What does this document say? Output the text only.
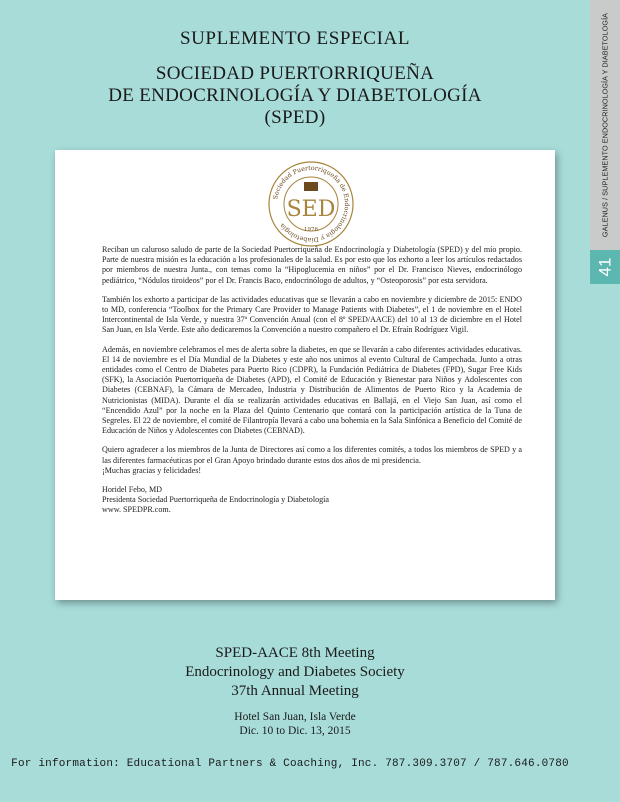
SUPLEMENTO ESPECIAL
SOCIEDAD PUERTORRIQUEÑA
DE ENDOCRINOLOGÍA Y DIABETOLOGÍA
(SPED)	GALENUS / SUPLEMENTO ENDOCRINOLOGÍA Y DIABETOLOGÍA
41
Sociedad Puertorriqueña de Endocrinología y Diabetología
SED
1976

Reciban un caluroso saludo de parte de la Sociedad Puertorriqueña de Endocrinología y Diabetología (SPED) y del mío propio. Parte de nuestra misión es la educación a los profesionales de la salud. Es por esto que los exhorto a leer los artículos redactados por miembros de nuestra Junta., con temas como la “Hipoglucemia en niños” por el Dr. Francisco Nieves, endocrinólogo pediátrico, “Nódulos tiroideos” por el Dr. Francis Baco, endocrinólogo de adultos, y “Osteoporosis” por esta servidora.

También los exhorto a participar de las actividades educativas que se llevarán a cabo en noviembre y diciembre de 2015: ENDO to MD, conferencia “Toolbox for the Primary Care Provider to Manage Patients with Diabetes”, el 1 de noviembre en el Hotel Intercontinental de Isla Verde, y nuestra 37ª Convención Anual (con el 8º SPED/AACE) del 10 al 13 de diciembre en el Hotel San Juan, en Isla Verde. Este año dedicaremos la Convención a nuestro compañero el Dr. Efraín Rodríguez Vigil.

Además, en noviembre celebramos el mes de alerta sobre la diabetes, en que se llevarán a cabo diferentes actividades educativas. El 14 de noviembre es el Día Mundial de la Diabetes y este año nos unimos al evento Cultural de Campechada. Junto a otras entidades como el Centro de Diabetes para Puerto Rico (CDPR), la Fundación Pediátrica de Diabetes (FPD), Sugar Free Kids (SFK), la Asociación Puertorriqueña de Diabetes (APD), el Comité de Educación y Bienestar para Niños y Adolescentes con Diabetes (CEBNAF), la Cámara de Mercadeo, Industria y Distribución de Alimentos de Puerto Rico y la Academia de Nutricionistas (MIDA). Durante el día se realizarán actividades educativas en Ballajá, en el Viejo San Juan, así como el “Encendido Azul” por la noche en la Plaza del Quinto Centenario que contará con la participación artística de la Tuna de Segreles. El 22 de noviembre, el comité de Filantropía llevará a cabo una bohemia en la Sala Sinfónica a Beneficio del Comité de Educación de Niños y Adolescentes con Diabetes (CEBNAD).

Quiero agradecer a los miembros de la Junta de Directores así como a los diferentes comités, a todos los miembros de SPED y a las diferentes farmacéuticas por el Gran Apoyo brindado durante estos dos años de mi presidencia.

¡Muchas gracias y felicidades!
Horidel Febo, MD
Presidenta Sociedad Puertorriqueña de Endocrinología y Diabetología
www. SPEDPR.com.
SPED-AACE 8th Meeting
Endocrinology and Diabetes Society
37th Annual Meeting
Hotel San Juan, Isla Verde
Dic. 10 to Dic. 13, 2015
For information: Educational Partners & Coaching, Inc. 787.309.3707 / 787.646.0780
